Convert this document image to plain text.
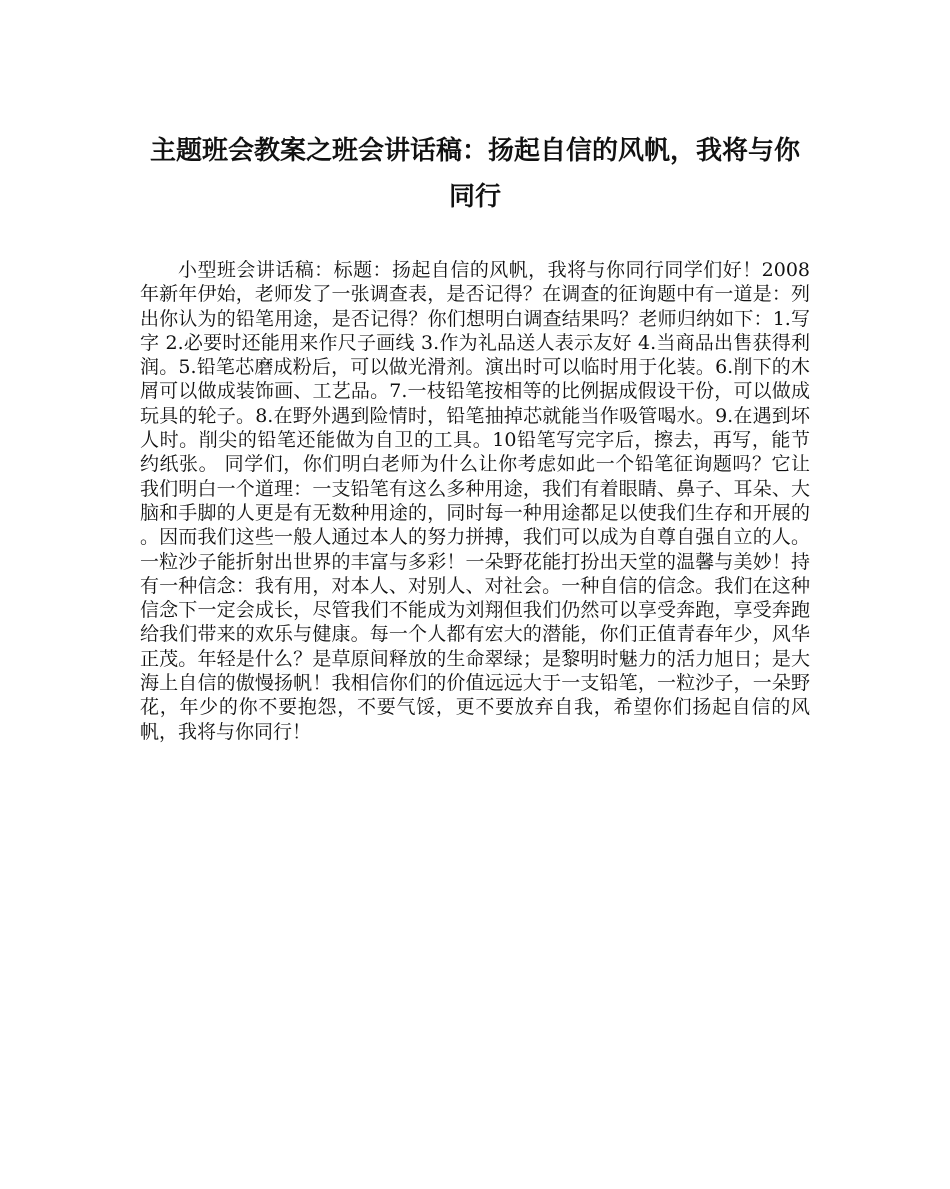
主题班会教案之班会讲话稿：扬起自信的风帆，我将与你同行

小型班会讲话稿：标题：扬起自信的风帆，我将与你同行同学们好！2008年新年伊始，老师发了一张调查表，是否记得？在调查的征询题中有一道是：列出你认为的铅笔用途，是否记得？你们想明白调查结果吗？老师归纳如下：1.写字 2.必要时还能用来作尺子画线 3.作为礼品送人表示友好 4.当商品出售获得利润。5.铅笔芯磨成粉后，可以做光滑剂。演出时可以临时用于化装。6.削下的木屑可以做成装饰画、工艺品。7.一枝铅笔按相等的比例据成假设干份，可以做成玩具的轮子。8.在野外遇到险情时，铅笔抽掉芯就能当作吸管喝水。9.在遇到坏人时。削尖的铅笔还能做为自卫的工具。10铅笔写完字后，擦去，再写，能节约纸张。 同学们，你们明白老师为什么让你考虑如此一个铅笔征询题吗？它让我们明白一个道理：一支铅笔有这么多种用途，我们有着眼睛、鼻子、耳朵、大脑和手脚的人更是有无数种用途的，同时每一种用途都足以使我们生存和开展的 。因而我们这些一般人通过本人的努力拼搏，我们可以成为自尊自强自立的人。一粒沙子能折射出世界的丰富与多彩！一朵野花能打扮出天堂的温馨与美妙！持有一种信念：我有用，对本人、对别人、对社会。一种自信的信念。我们在这种信念下一定会成长，尽管我们不能成为刘翔但我们仍然可以享受奔跑，享受奔跑给我们带来的欢乐与健康。每一个人都有宏大的潜能，你们正值青春年少，风华正茂。年轻是什么？是草原间释放的生命翠绿；是黎明时魅力的活力旭日；是大海上自信的傲慢扬帆！我相信你们的价值远远大于一支铅笔，一粒沙子，一朵野花，年少的你不要抱怨，不要气馁，更不要放弃自我，希望你们扬起自信的风帆，我将与你同行！
